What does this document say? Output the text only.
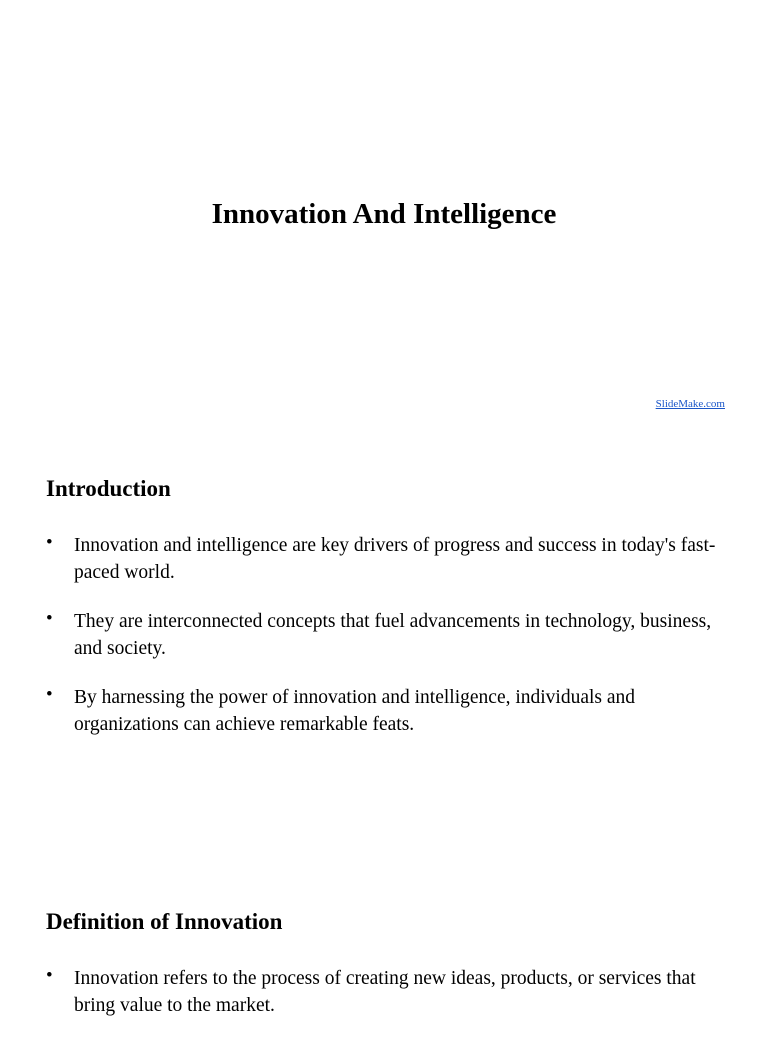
Innovation And Intelligence
SlideMake.com
Introduction
• Innovation and intelligence are key drivers of progress and success in today's fast-paced world.
• They are interconnected concepts that fuel advancements in technology, business, and society.
• By harnessing the power of innovation and intelligence, individuals and organizations can achieve remarkable feats.
Definition of Innovation
• Innovation refers to the process of creating new ideas, products, or services that bring value to the market.
